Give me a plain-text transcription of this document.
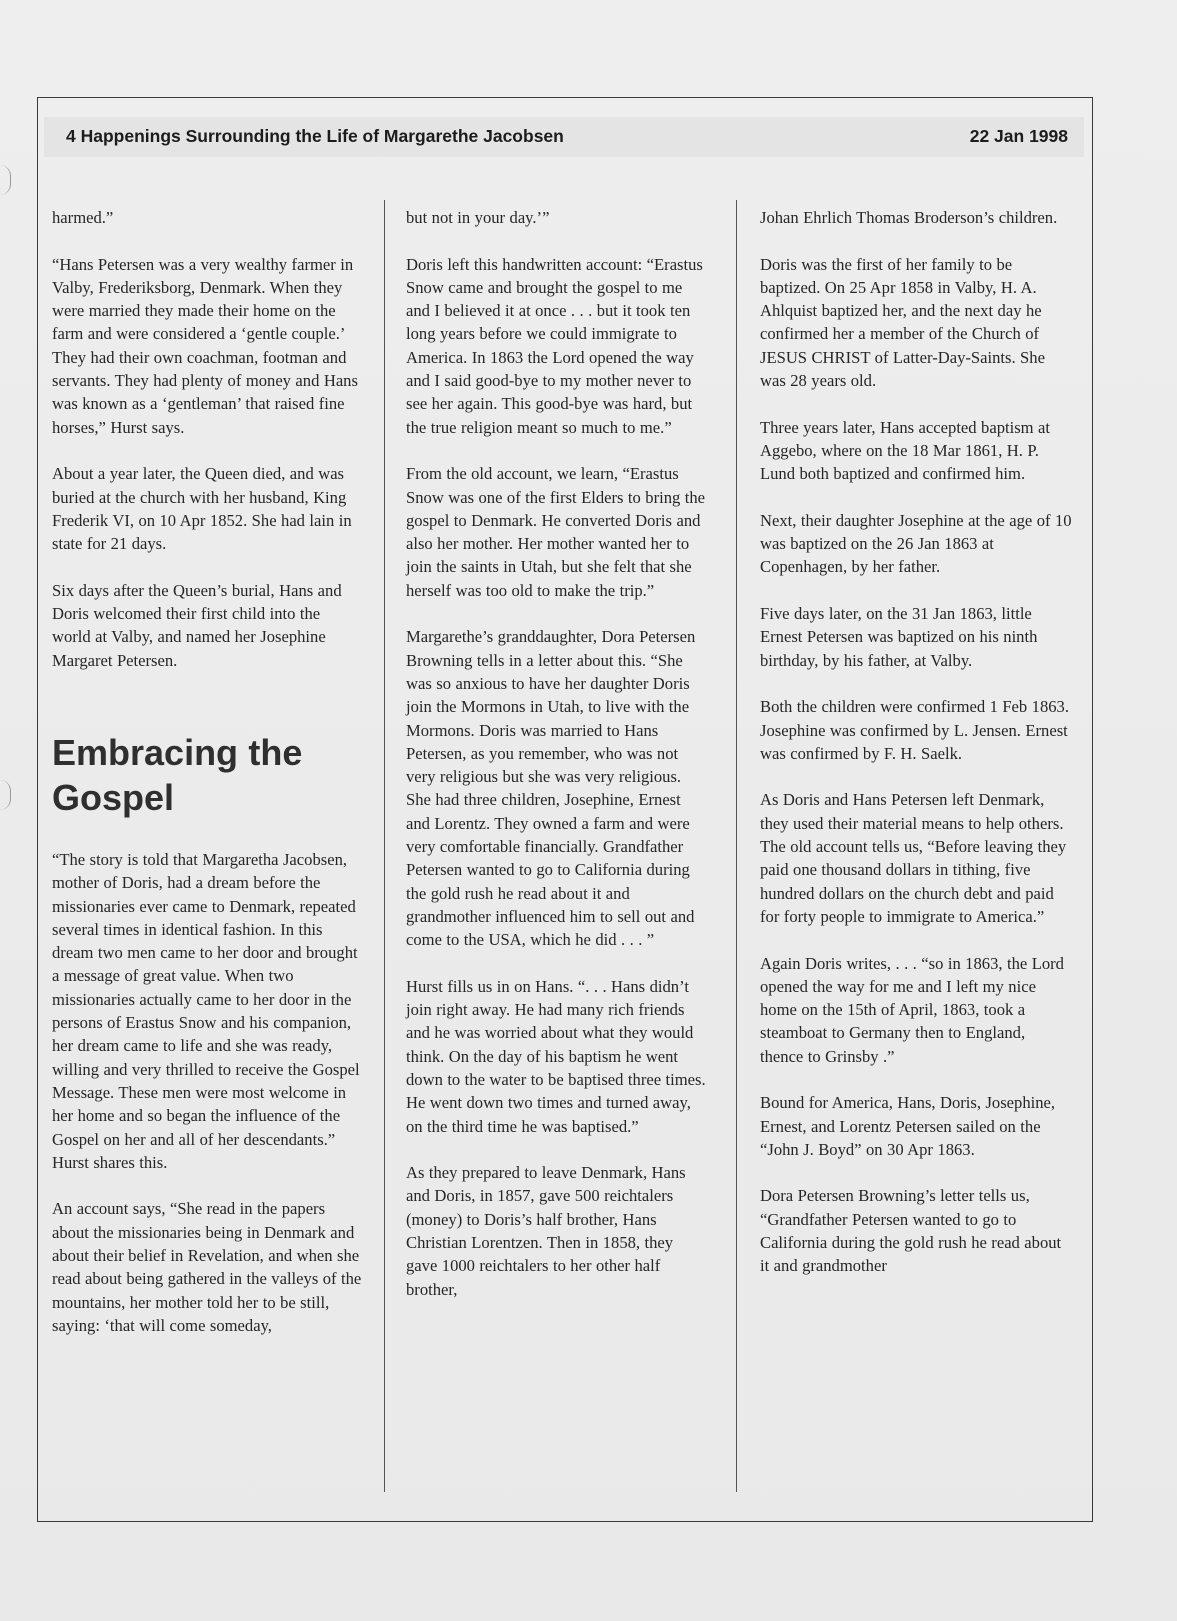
4 Happenings Surrounding the Life of Margarethe Jacobsen	22 Jan 1998

harmed.”

“Hans Petersen was a very wealthy farmer in Valby, Frederiksborg, Denmark. When they were married they made their home on the farm and were considered a ‘gentle couple.’ They had their own coachman, footman and servants. They had plenty of money and Hans was known as a ‘gentleman’ that raised fine horses,” Hurst says.

About a year later, the Queen died, and was buried at the church with her husband, King Frederik VI, on 10 Apr 1852. She had lain in state for 21 days.

Six days after the Queen’s burial, Hans and Doris welcomed their first child into the world at Valby, and named her Josephine Margaret Petersen.

Embracing the Gospel

“The story is told that Margaretha Jacobsen, mother of Doris, had a dream before the missionaries ever came to Denmark, repeated several times in identical fashion. In this dream two men came to her door and brought a message of great value. When two missionaries actually came to her door in the persons of Erastus Snow and his companion, her dream came to life and she was ready, willing and very thrilled to receive the Gospel Message. These men were most welcome in her home and so began the influence of the Gospel on her and all of her descendants.” Hurst shares this.

An account says, “She read in the papers about the missionaries being in Denmark and about their belief in Revelation, and when she read about being gathered in the valleys of the mountains, her mother told her to be still, saying: ‘that will come someday,

but not in your day.’”

Doris left this handwritten account: “Erastus Snow came and brought the gospel to me and I believed it at once . . . but it took ten long years before we could immigrate to America. In 1863 the Lord opened the way and I said good-bye to my mother never to see her again. This good-bye was hard, but the true religion meant so much to me.”

From the old account, we learn, “Erastus Snow was one of the first Elders to bring the gospel to Denmark. He converted Doris and also her mother. Her mother wanted her to join the saints in Utah, but she felt that she herself was too old to make the trip.”

Margarethe’s granddaughter, Dora Petersen Browning tells in a letter about this. “She was so anxious to have her daughter Doris join the Mormons in Utah, to live with the Mormons. Doris was married to Hans Petersen, as you remember, who was not very religious but she was very religious. She had three children, Josephine, Ernest and Lorentz. They owned a farm and were very comfortable financially. Grandfather Petersen wanted to go to California during the gold rush he read about it and grandmother influenced him to sell out and come to the USA, which he did . . . ”

Hurst fills us in on Hans. “. . . Hans didn’t join right away. He had many rich friends and he was worried about what they would think. On the day of his baptism he went down to the water to be baptised three times. He went down two times and turned away, on the third time he was baptised.”

As they prepared to leave Denmark, Hans and Doris, in 1857, gave 500 reichtalers (money) to Doris’s half brother, Hans Christian Lorentzen. Then in 1858, they gave 1000 reichtalers to her other half brother,

Johan Ehrlich Thomas Broderson’s children.

Doris was the first of her family to be baptized. On 25 Apr 1858 in Valby, H. A. Ahlquist baptized her, and the next day he confirmed her a member of the Church of JESUS CHRIST of Latter-Day-Saints. She was 28 years old.

Three years later, Hans accepted baptism at Aggebo, where on the 18 Mar 1861, H. P. Lund both baptized and confirmed him.

Next, their daughter Josephine at the age of 10 was baptized on the 26 Jan 1863 at Copenhagen, by her father.

Five days later, on the 31 Jan 1863, little Ernest Petersen was baptized on his ninth birthday, by his father, at Valby.

Both the children were confirmed 1 Feb 1863. Josephine was confirmed by L. Jensen. Ernest was confirmed by F. H. Saelk.

As Doris and Hans Petersen left Denmark, they used their material means to help others. The old account tells us, “Before leaving they paid one thousand dollars in tithing, five hundred dollars on the church debt and paid for forty people to immigrate to America.”

Again Doris writes, . . . “so in 1863, the Lord opened the way for me and I left my nice home on the 15th of April, 1863, took a steamboat to Germany then to England, thence to Grinsby .”

Bound for America, Hans, Doris, Josephine, Ernest, and Lorentz Petersen sailed on the “John J. Boyd” on 30 Apr 1863.

Dora Petersen Browning’s letter tells us, “Grandfather Petersen wanted to go to California during the gold rush he read about it and grandmother
